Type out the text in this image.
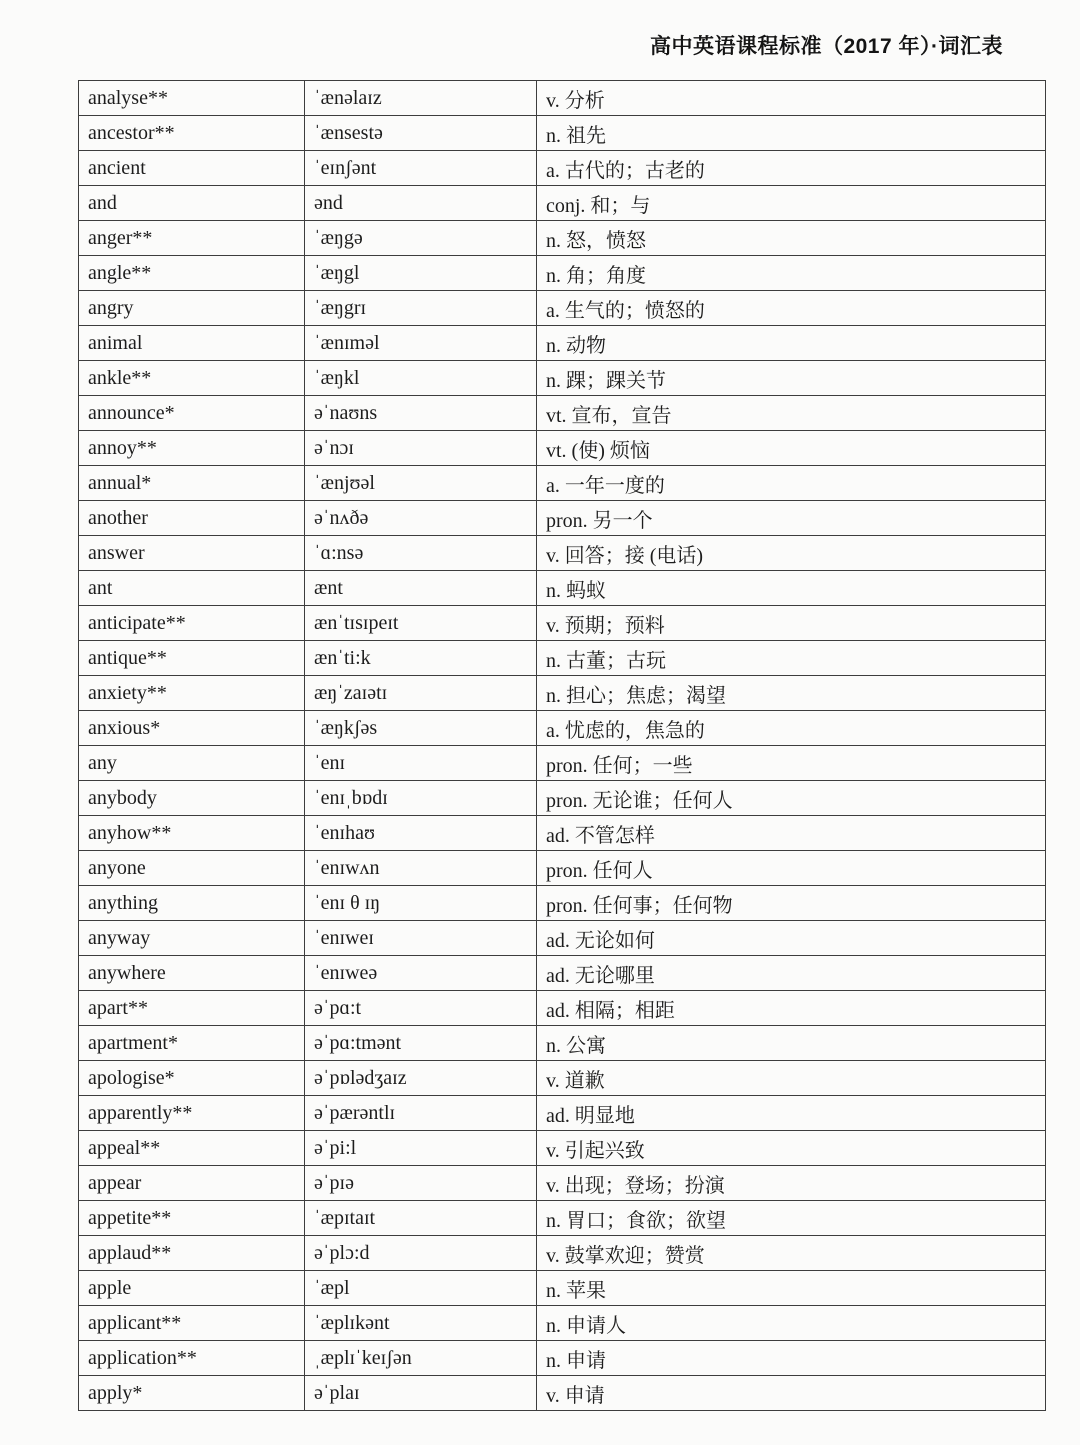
高中英语课程标准（2017 年）·词汇表
analyse**	ˈænəlaɪz	v. 分析
ancestor**	ˈænsestə	n. 祖先
ancient	ˈeɪnʃənt	a. 古代的；古老的
and	ənd	conj. 和；与
anger**	ˈæŋgə	n. 怒，愤怒
angle**	ˈæŋgl	n. 角；角度
angry	ˈæŋgrɪ	a. 生气的；愤怒的
animal	ˈænɪməl	n. 动物
ankle**	ˈæŋkl	n. 踝；踝关节
announce*	əˈnaʊns	vt. 宣布，宣告
annoy**	əˈnɔɪ	vt. (使) 烦恼
annual*	ˈænjʊəl	a. 一年一度的
another	əˈnʌðə	pron. 另一个
answer	ˈɑ:nsə	v. 回答；接 (电话)
ant	ænt	n. 蚂蚁
anticipate**	ænˈtɪsɪpeɪt	v. 预期；预料
antique**	ænˈti:k	n. 古董；古玩
anxiety**	æŋˈzaɪətɪ	n. 担心；焦虑；渴望
anxious*	ˈæŋkʃəs	a. 忧虑的，焦急的
any	ˈenɪ	pron. 任何；一些
anybody	ˈenɪˌbɒdɪ	pron. 无论谁；任何人
anyhow**	ˈenɪhaʊ	ad. 不管怎样
anyone	ˈenɪwʌn	pron. 任何人
anything	ˈenɪ θ ɪŋ	pron. 任何事；任何物
anyway	ˈenɪweɪ	ad. 无论如何
anywhere	ˈenɪweə	ad. 无论哪里
apart**	əˈpɑ:t	ad. 相隔；相距
apartment*	əˈpɑ:tmənt	n. 公寓
apologise*	əˈpɒlədʒaɪz	v. 道歉
apparently**	əˈpærəntlɪ	ad. 明显地
appeal**	əˈpi:l	v. 引起兴致
appear	əˈpɪə	v. 出现；登场；扮演
appetite**	ˈæpɪtaɪt	n. 胃口；食欲；欲望
applaud**	əˈplɔ:d	v. 鼓掌欢迎；赞赏
apple	ˈæpl	n. 苹果
applicant**	ˈæplɪkənt	n. 申请人
application**	ˌæplɪˈkeɪʃən	n. 申请
apply*	əˈplaɪ	v. 申请
